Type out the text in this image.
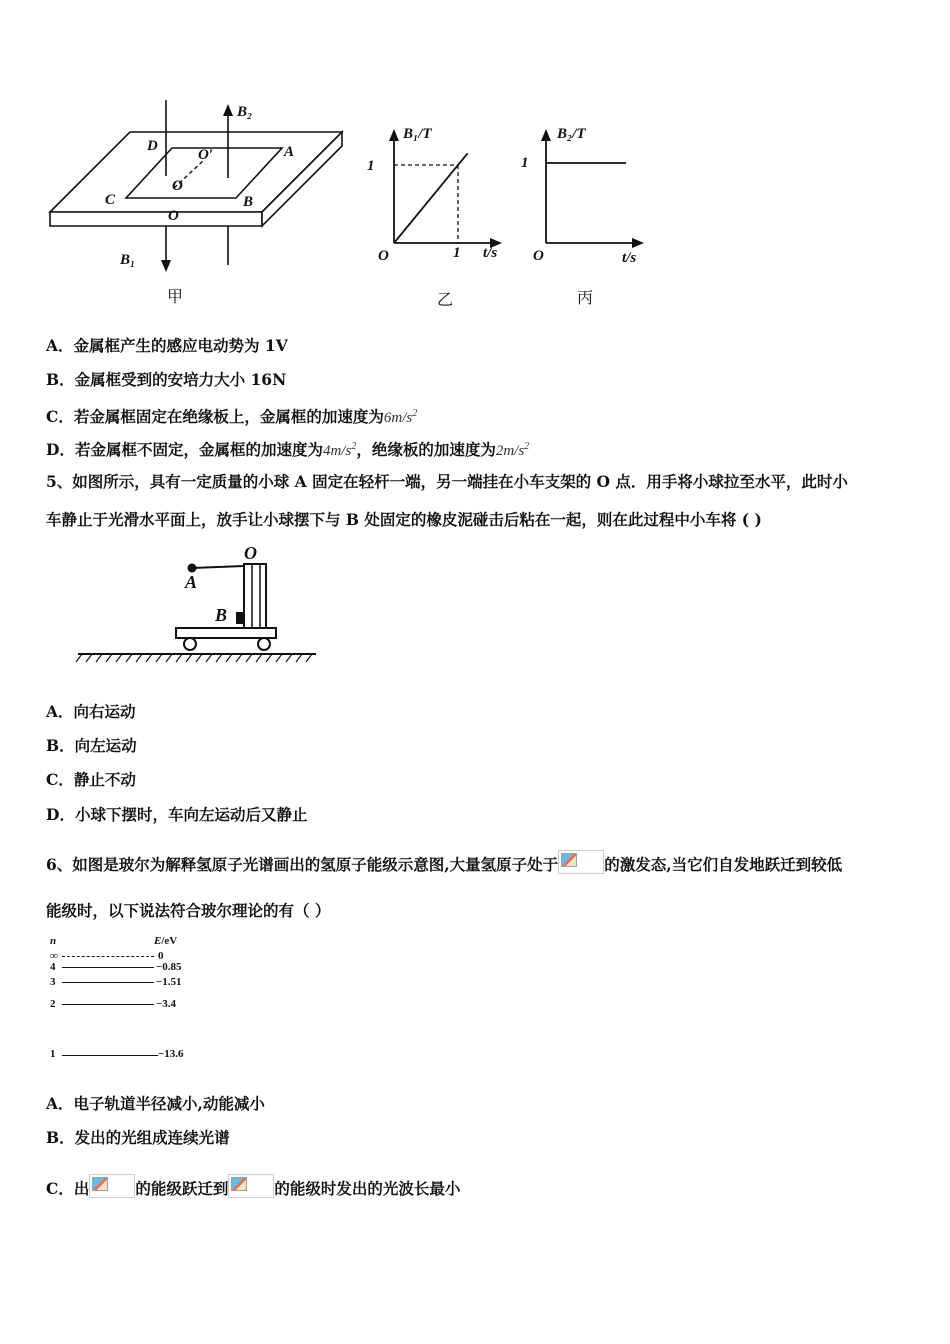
B₂
D
O′	A
O
C	B
O
B₁
甲
B₁/T
1
O	1 t/s
乙
B₂/T
1
O	t/s
丙
A．金属框产生的感应电动势为 1V
B．金属框受到的安培力大小 16N
C．若金属框固定在绝缘板上，金属框的加速度为$6m/s^2$
D．若金属框不固定，金属框的加速度为$4m/s^2$，绝缘板的加速度为$2m/s^2$
5、如图所示，具有一定质量的小球 A 固定在轻杆一端，另一端挂在小车支架的 O 点．用手将小球拉至水平，此时小
车静止于光滑水平面上，放手让小球摆下与 B 处固定的橡皮泥碰击后粘在一起，则在此过程中小车将 ( )
O
A
B
A．向右运动
B．向左运动
C．静止不动
D．小球下摆时，车向左运动后又静止
6、如图是玻尔为解释氢原子光谱画出的氢原子能级示意图,大量氢原子处于	的激发态,当它们自发地跃迁到较低
能级时，以下说法符合玻尔理论的有（ ）
n	E/eV
∞	0
4	−0.85
3	−1.51
2	−3.4
1	−13.6
A．电子轨道半径减小,动能减小
B．发出的光组成连续光谱
C．出	的能级跃迁到	的能级时发出的光波长最小
